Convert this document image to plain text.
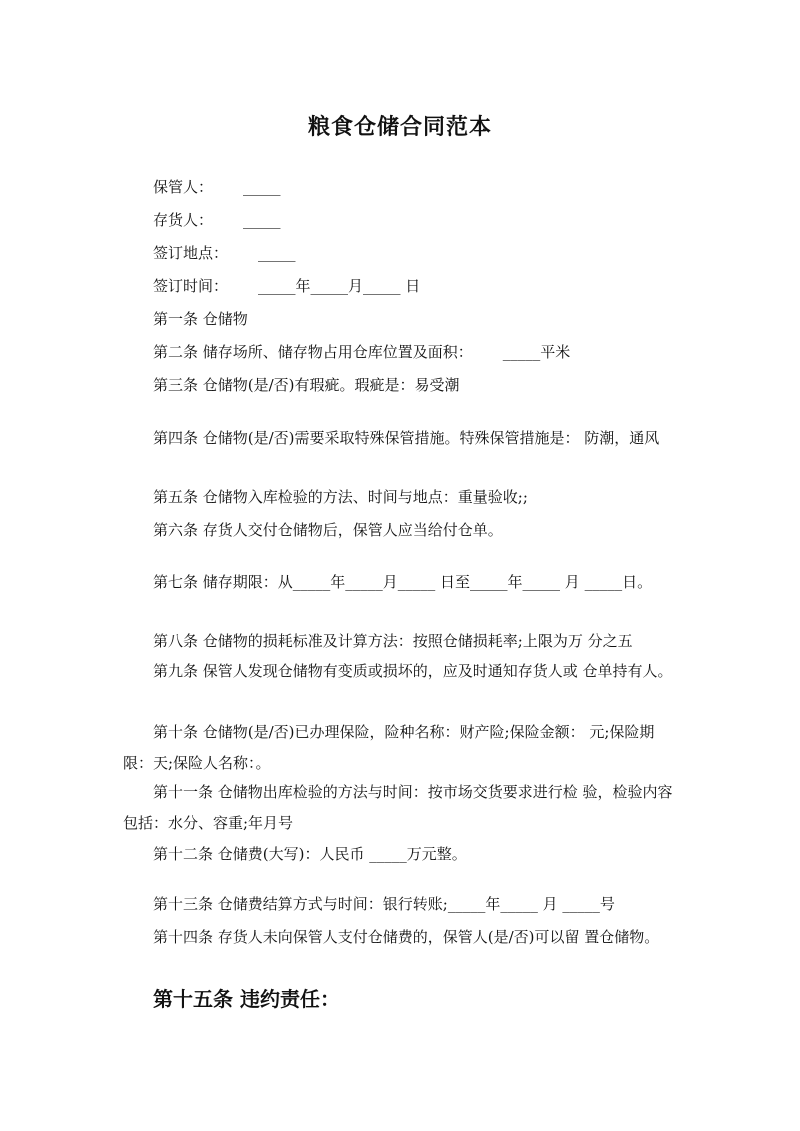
粮食仓储合同范本
保管人： _____
存货人： _____
签订地点： _____
签订时间： _____年_____月_____ 日
第一条 仓储物
第二条 储存场所、储存物占用仓库位置及面积： _____平米
第三条 仓储物(是/否)有瑕疵。瑕疵是：易受潮

第四条 仓储物(是/否)需要采取特殊保管措施。特殊保管措施是： 防潮，通风

第五条 仓储物入库检验的方法、时间与地点：重量验收;;
第六条 存货人交付仓储物后，保管人应当给付仓单。

第七条 储存期限：从_____年_____月_____ 日至_____年_____ 月 _____日。

第八条 仓储物的损耗标准及计算方法：按照仓储损耗率;上限为万 分之五

第九条 保管人发现仓储物有变质或损坏的，应及时通知存货人或 仓单持有人。

第十条 仓储物(是/否)已办理保险，险种名称：财产险;保险金额： 元;保险期限：天;保险人名称：。

第十一条 仓储物出库检验的方法与时间：按市场交货要求进行检 验，检验内容包括：水分、容重;年月号

第十二条 仓储费(大写)：人民币 _____万元整。
第十三条 仓储费结算方式与时间：银行转账;_____年_____ 月 _____号
第十四条 存货人未向保管人支付仓储费的，保管人(是/否)可以留 置仓储物。
第十五条 违约责任：
